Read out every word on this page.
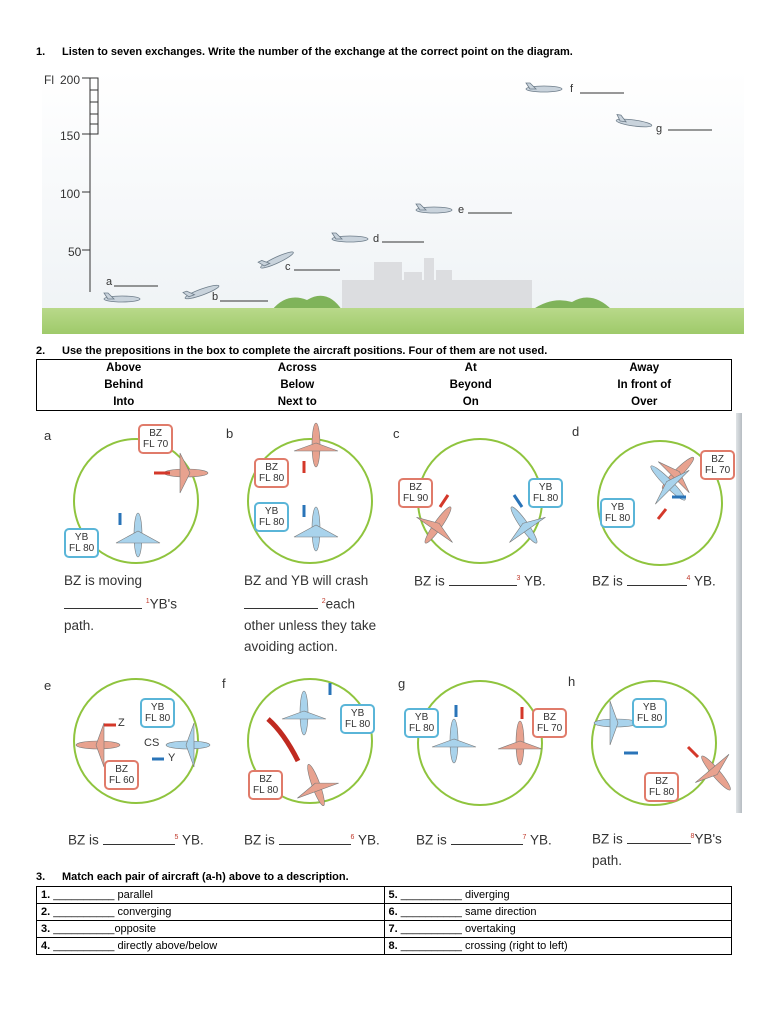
1. Listen to seven exchanges. Write the number of the exchange at the correct point on the diagram.
Fl 200
150
100
50
a
b
c
d
e
f
g
2. Use the prepositions in the box to complete the aircraft positions. Four of them are not used.
Above	Across	At	Away
Behind	Below	Beyond	In front of
Into	Next to	On	Over
a	b	c	d
e	f	g	h
BZ
FL 70
YB
FL 80
BZ
FL 80
YB
FL 80
BZ
FL 90
YB
FL 80
BZ
FL 70
YB
FL 80
YB
FL 80
BZ
FL 60
YB
FL 80
BZ
FL 80
YB
FL 80
BZ
FL 70
YB
FL 80
BZ
FL 80
Z
CS
Y
BZ is moving
$^1$YB's
path.
BZ and YB will crash
$^2$each
other unless they take
avoiding action.
BZ is	$^3$ YB.	BZ is	$^4$ YB.
BZ is	$^5$ YB.	BZ is	$^6$ YB.	BZ is	$^7$ YB.	BZ is	$^8$YB's
path.
3. Match each pair of aircraft (a-h) above to a description.
1. __________ parallel	5. __________ diverging
2. __________ converging	6. __________ same direction
3. __________opposite	7. __________ overtaking
4. __________ directly above/below	8. __________ crossing (right to left)
